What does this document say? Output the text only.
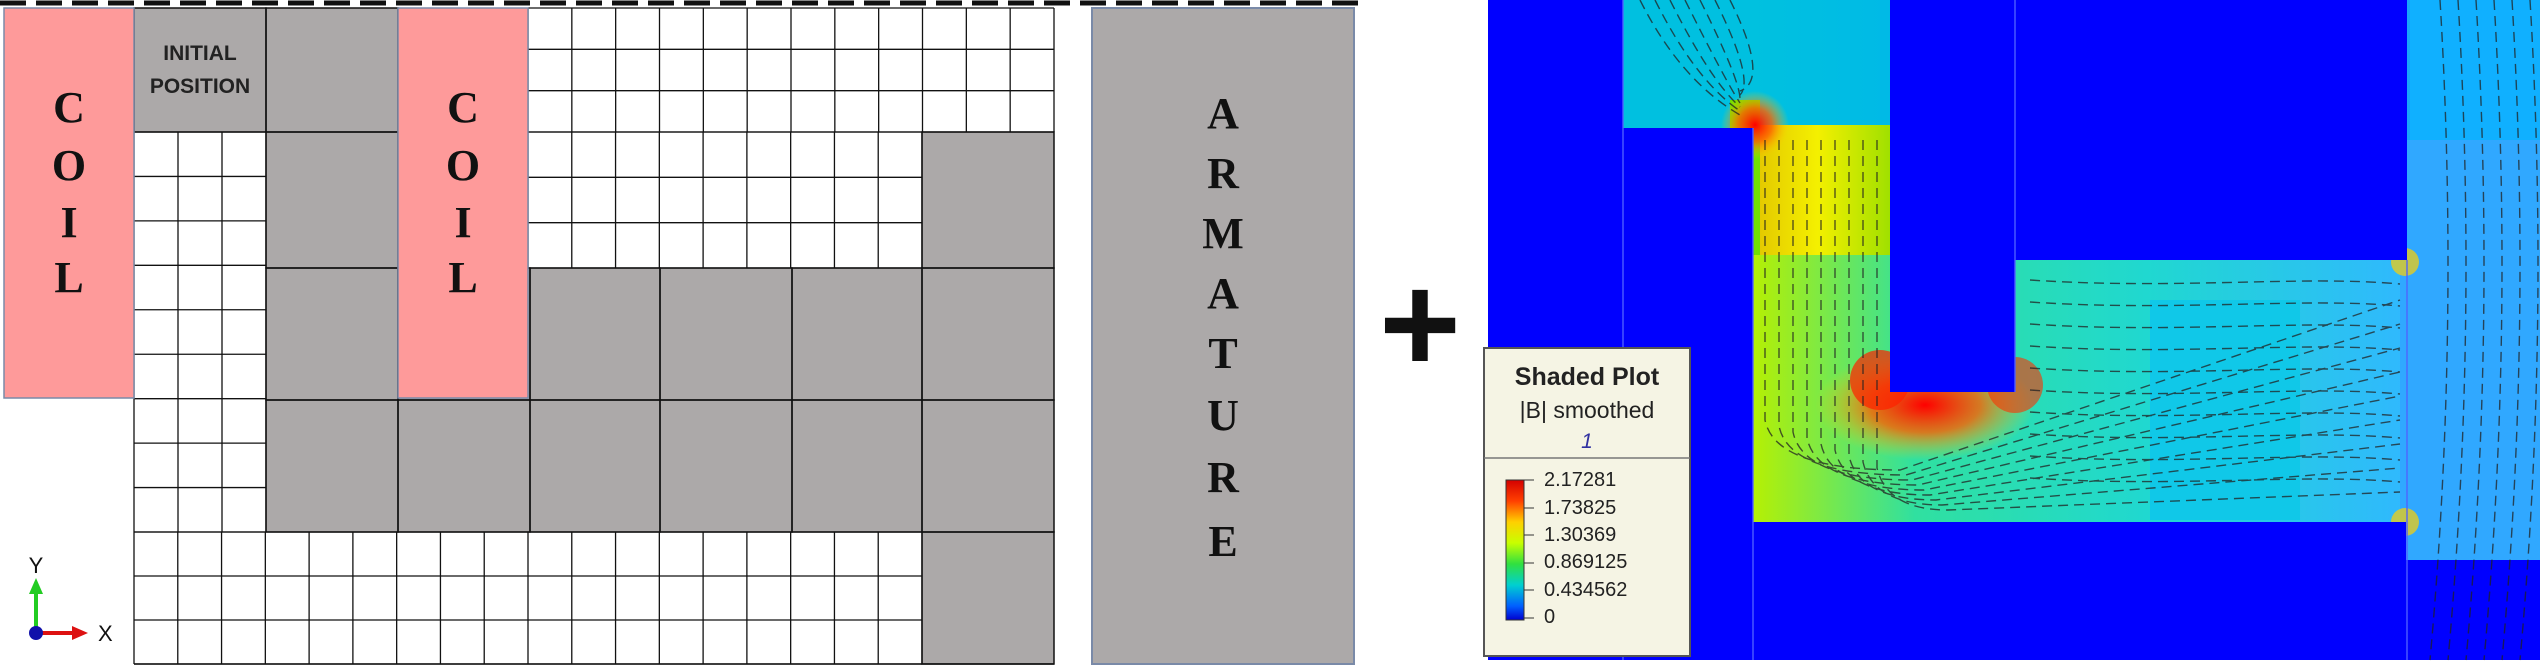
C
O
I
L
C
O
I
L
INITIAL
POSITION
Y
X
A
R
M
A
T
U
R
E
+ Shaded Plot
|B| smoothed
1
2.17281
1.73825
1.30369
0.869125
0.434562
0
